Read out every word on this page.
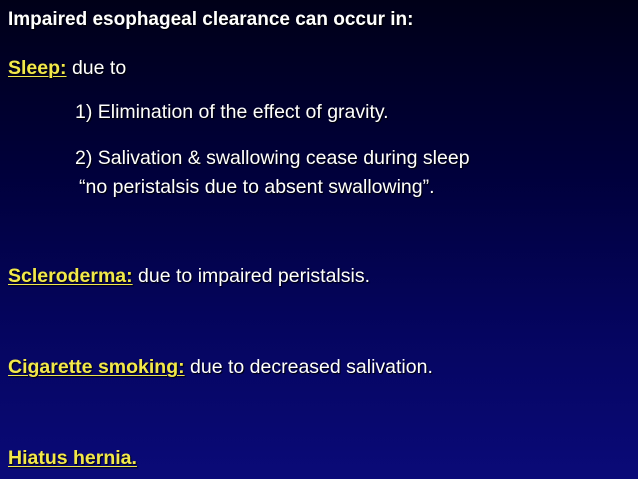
Impaired esophageal clearance can occur in:
Sleep: due to
1) Elimination of the effect of gravity.
2) Salivation & swallowing cease during sleep
“no peristalsis due to absent swallowing”.
Scleroderma: due to impaired peristalsis.
Cigarette smoking: due to decreased salivation.
Hiatus hernia.
